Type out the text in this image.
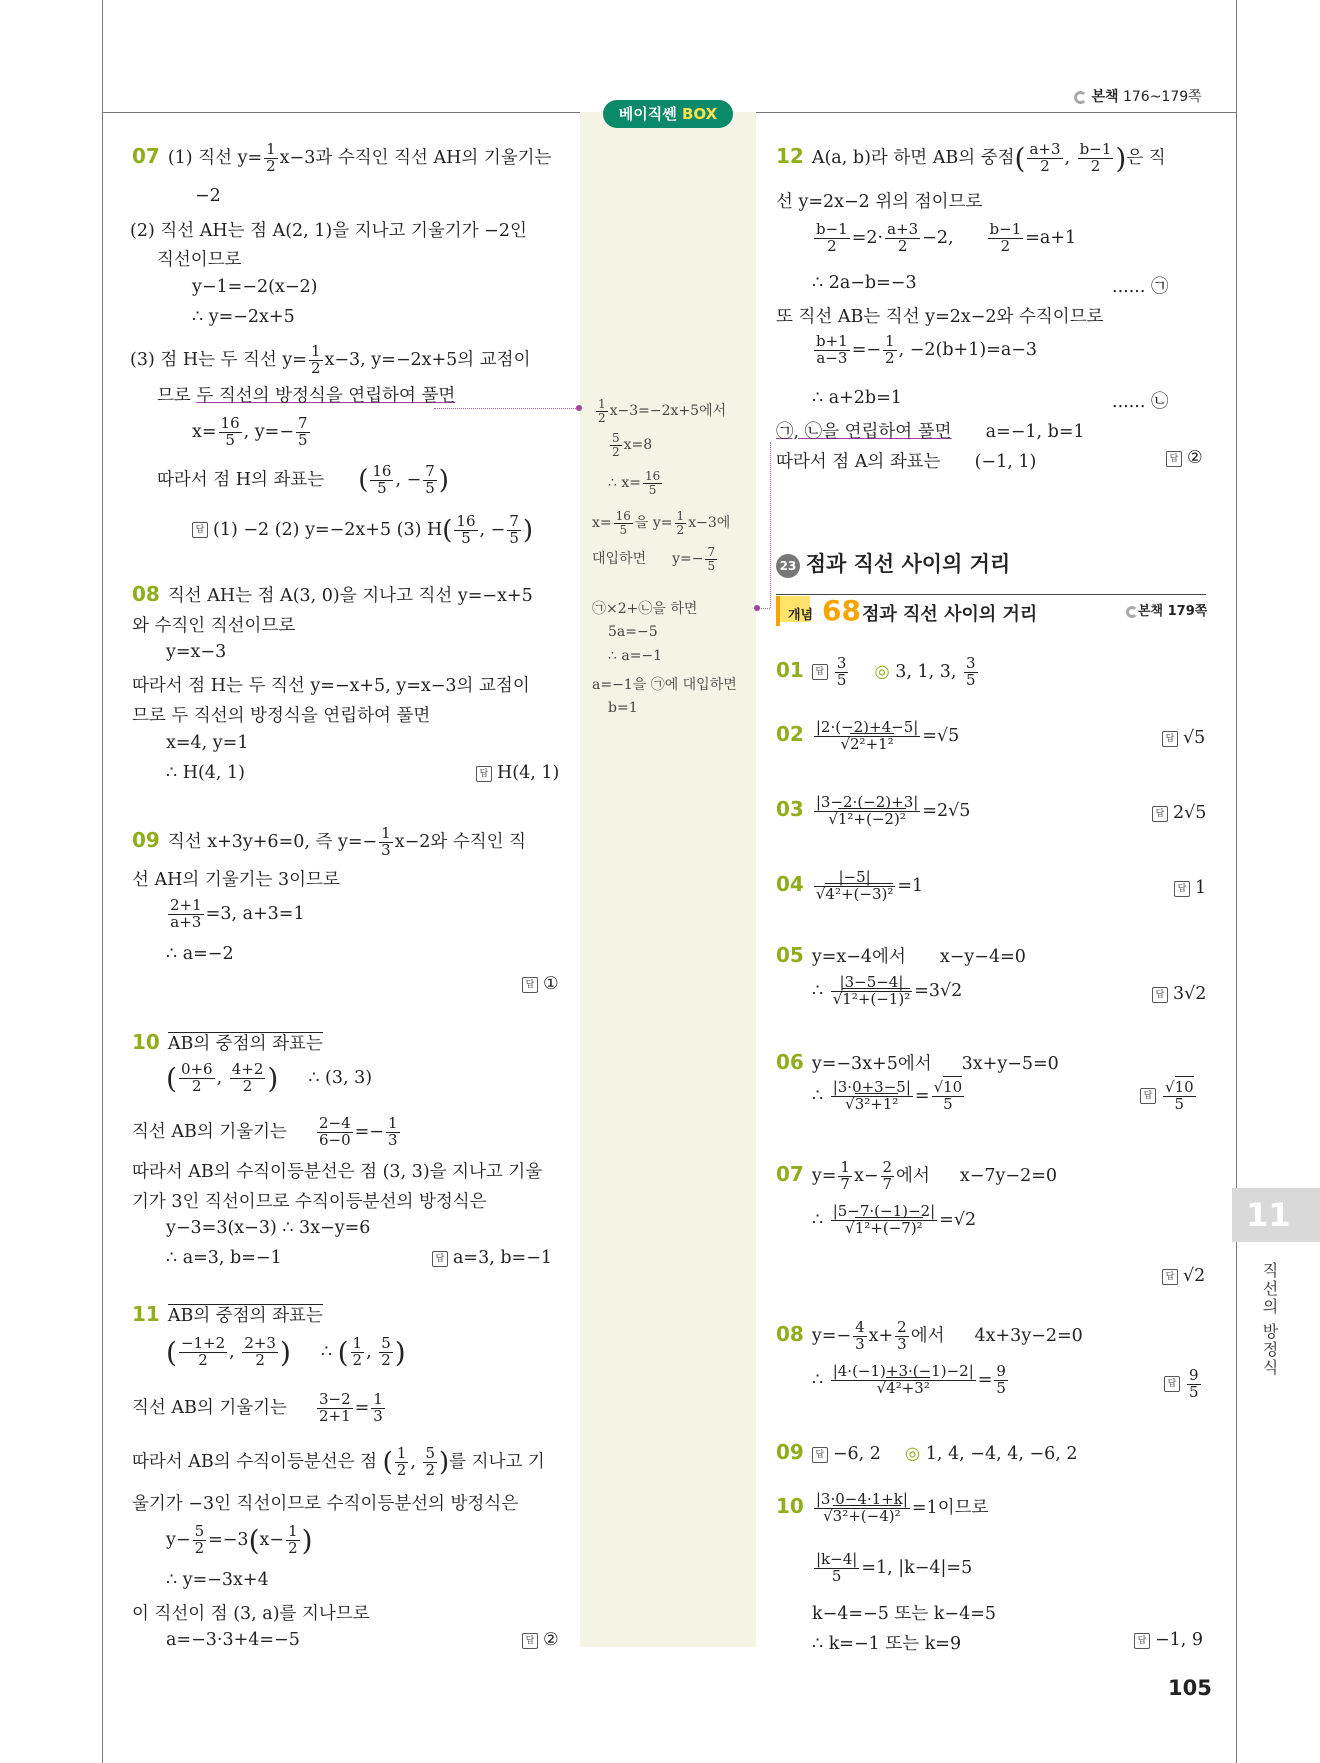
본책 176~179쪽
베이직쎈 BOX
07 (1) 직선 $y= \frac{1}{2} x-3$과 수직인 직선 AH의 기울기는
−2
(2) 직선 AH는 점 A(2, 1)을 지나고 기울기가 −2인
직선이므로
y−1=−2(x−2)
∴ y=−2x+5
(3) 점 H는 두 직선 $y= \frac{1}{2} x-3$, y=−2x+5의 교점이
므로 두 직선의 방정식을 연립하여 풀면
$x= \frac{16}{5}$ , $y=- \frac{7}{5}$
따라서 점 H의 좌표는 ( $\frac{16}{5}$ , − $\frac{7}{5}$ )
답 (1) −2 (2) y=−2x+5 (3) $H( \frac{16}{5}$ , − $\frac{7}{5}$ )
08 직선 AH는 점 A(3, 0)을 지나고 직선 y=−x+5
와 수직인 직선이므로
y=x−3
따라서 점 H는 두 직선 y=−x+5, y=x−3의 교점이
므로 두 직선의 방정식을 연립하여 풀면
x=4, y=1
∴ H(4, 1)	답 H(4, 1)
09 직선 x+3y+6=0, 즉 $y=- \frac{1}{3} x-2$와 수직인 직
선 AH의 기울기는 3이므로
$\frac{2+1}{a+3} =3$, a+3=1
∴ a=−2
답 ①
10 AB의 중점의 좌표는
( $\frac{0+6}{2}$ , $\frac{4+2}{2}$ ) ∴ (3, 3)
직선 AB의 기울기는 $\frac{2-4}{6-0} =- \frac{1}{3}$
따라서 AB의 수직이등분선은 점 (3, 3)을 지나고 기울
기가 3인 직선이므로 수직이등분선의 방정식은
y−3=3(x−3) ∴ 3x−y=6
∴ a=3, b=−1	답 a=3, b=−1
11 AB의 중점의 좌표는
( $\frac{-1+2}{2}$ , $\frac{2+3}{2}$ ) ∴ ( $\frac{1}{2}$ , $\frac{5}{2}$ )
직선 AB의 기울기는 $\frac{3-2}{2+1} = \frac{1}{3}$
따라서 AB의 수직이등분선은 점 ( $\frac{1}{2}$ , $\frac{5}{2}$ )를 지나고 기
울기가 −3인 직선이므로 수직이등분선의 방정식은
$y- \frac{5}{2} =-3(x- \frac{1}{2}$ )
∴ y=−3x+4
이 직선이 점 (3, a)를 지나므로
a=−3·3+4=−5	답 ②
$\frac{1}{2} x-3=-2x+5$에서
$\frac{5}{2} x=8$
∴ $x= \frac{16}{5}$
$x= \frac{16}{5}$ 을 $y= \frac{1}{2} x-3$에
대입하면 $y=- \frac{7}{5}$
㉠×2+㉡을 하면
5a=−5
∴ a=−1
a=−1을 ㉠에 대입하면
b=1
12 A(a, b)라 하면 AB의 중점( $\frac{a+3}{2}$ , $\frac{b-1}{2}$ )은 직
선 y=2x−2 위의 점이므로
$\frac{b-1}{2} =2\cdot \frac{a+3}{2} -2$, $\frac{b-1}{2} =a+1$
∴ 2a−b=−3	...... ㉠
또 직선 AB는 직선 y=2x−2와 수직이므로
$\frac{b+1}{a-3} =- \frac{1}{2}$ , −2(b+1)=a−3
∴ a+2b=1	...... ㉡
㉠, ㉡을 연립하여 풀면 a=−1, b=1
따라서 점 A의 좌표는 (−1, 1)	답 ②
23 점과 직선 사이의 거리
개념 68 점과 직선 사이의 거리	본책 179쪽
01 답 $\frac{3}{5}$ ◎ 3, 1, 3, $\frac{3}{5}$
$02 \frac{|2\cdot(-2)+4-5|}{\text{√2²+1²}} =√5$	답 √5
$03 \frac{|3-2\cdot(-2)+3|}{\text{√1²+(−2)²}} =2√5$	답 2√5
$04 \frac{|-5|}{\text{√4²+(−3)²}} =1$	답 1
05 y=x−4에서 x−y−4=0
∴ $\frac{|3-5-4|}{\text{√1²+(−1)²}} =3√2$	답 3√2
06 y=−3x+5에서 3x+y−5=0
∴ $\frac{|3\cdot 0+3-5|}{\text{√3²+1²}} = \frac{√10}{5}$	답 $\frac{√10}{5}$
07 $y= \frac{1}{7} x- \frac{2}{7}$ 에서 x−7y−2=0
∴ $\frac{|5-7\cdot(-1)-2|}{\text{√1²+(−7)²}} =√2$
답 √2
08 $y=- \frac{4}{3} x+ \frac{2}{3}$ 에서 4x+3y−2=0
∴ $\frac{|4\cdot(-1)+3\cdot(-1)-2|}{\text{√4²+3²}} = \frac{9}{5}$	답 $\frac{9}{5}$
09 답 −6, 2 ◎ 1, 4, −4, 4, −6, 2
$10 \frac{|3\cdot 0-4\cdot 1+k|}{\text{√3²+(−4)²}} =1$이므로
$\frac{|k-4|}{5} =1$, |k−4|=5
k−4=−5 또는 k−4=5
∴ k=−1 또는 k=9	답 −1, 9
11
직선의 방정식
105
